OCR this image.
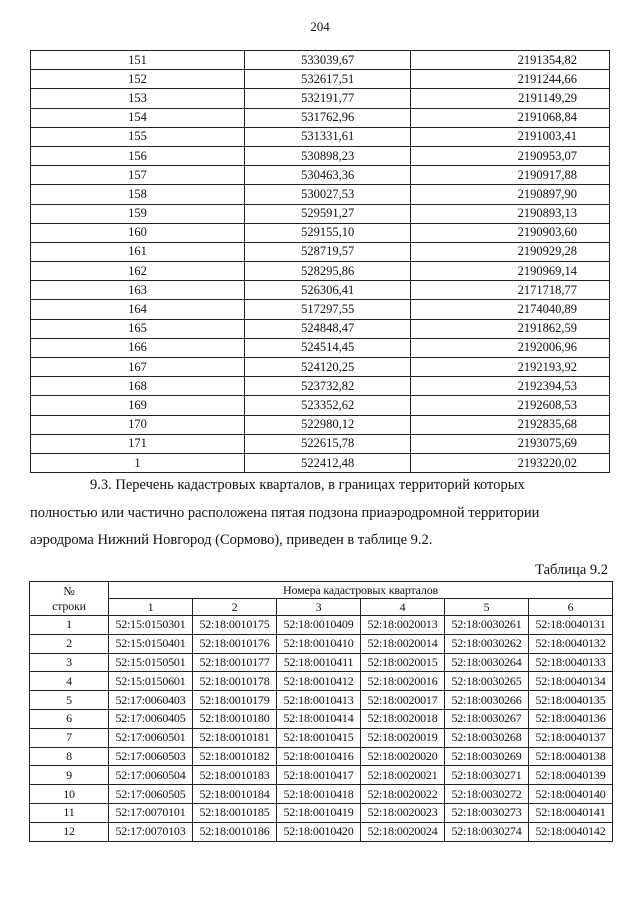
204
151	533039,67	2191354,82
152	532617,51	2191244,66
153	532191,77	2191149,29
154	531762,96	2191068,84
155	531331,61	2191003,41
156	530898,23	2190953,07
157	530463,36	2190917,88
158	530027,53	2190897,90
159	529591,27	2190893,13
160	529155,10	2190903,60
161	528719,57	2190929,28
162	528295,86	2190969,14
163	526306,41	2171718,77
164	517297,55	2174040,89
165	524848,47	2191862,59
166	524514,45	2192006,96
167	524120,25	2192193,92
168	523732,82	2192394,53
169	523352,62	2192608,53
170	522980,12	2192835,68
171	522615,78	2193075,69
1	522412,48	2193220,02

9.3. Перечень кадастровых кварталов, в границах территорий которых

полностью или частично расположена пятая подзона приаэродромной территории

аэродрома Нижний Новгород (Сормово), приведен в таблице 9.2.

Таблица 9.2
№
строки	Номера кадастровых кварталов					
	1	2	3	4	5	6
1	52:15:0150301	52:18:0010175	52:18:0010409	52:18:0020013	52:18:0030261	52:18:0040131
2	52:15:0150401	52:18:0010176	52:18:0010410	52:18:0020014	52:18:0030262	52:18:0040132
3	52:15:0150501	52:18:0010177	52:18:0010411	52:18:0020015	52:18:0030264	52:18:0040133
4	52:15:0150601	52:18:0010178	52:18:0010412	52:18:0020016	52:18:0030265	52:18:0040134
5	52:17:0060403	52:18:0010179	52:18:0010413	52:18:0020017	52:18:0030266	52:18:0040135
6	52:17:0060405	52:18:0010180	52:18:0010414	52:18:0020018	52:18:0030267	52:18:0040136
7	52:17:0060501	52:18:0010181	52:18:0010415	52:18:0020019	52:18:0030268	52:18:0040137
8	52:17:0060503	52:18:0010182	52:18:0010416	52:18:0020020	52:18:0030269	52:18:0040138
9	52:17:0060504	52:18:0010183	52:18:0010417	52:18:0020021	52:18:0030271	52:18:0040139
10	52:17:0060505	52:18:0010184	52:18:0010418	52:18:0020022	52:18:0030272	52:18:0040140
11	52:17:0070101	52:18:0010185	52:18:0010419	52:18:0020023	52:18:0030273	52:18:0040141
12	52:17:0070103	52:18:0010186	52:18:0010420	52:18:0020024	52:18:0030274	52:18:0040142
